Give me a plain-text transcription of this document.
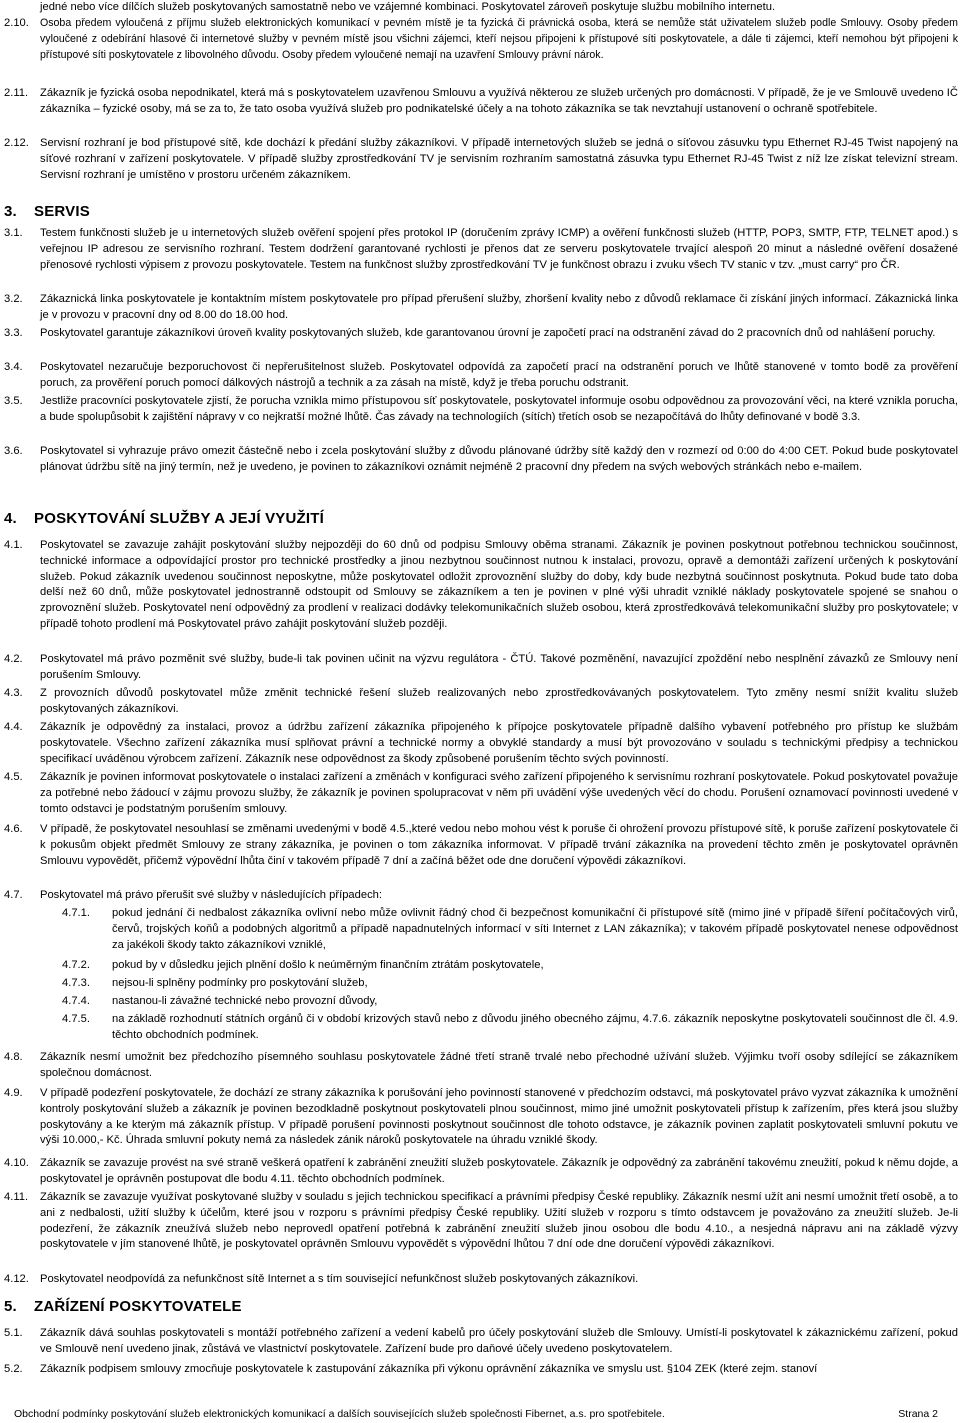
jedné nebo více dílčích služeb poskytovaných samostatně nebo ve vzájemné kombinaci. Poskytovatel zároveň poskytuje službu mobilního internetu.
2.10. Osoba předem vyloučená z příjmu služeb elektronických komunikací v pevném místě je ta fyzická či právnická osoba, která se nemůže stát uživatelem služeb podle Smlouvy. Osoby předem vyloučené z odebírání hlasové či internetové služby v pevném místě jsou všichni zájemci, kteří nejsou připojeni k přístupové síti poskytovatele, a dále ti zájemci, kteří nemohou být připojeni k přístupové síti poskytovatele z libovolného důvodu. Osoby předem vyloučené nemají na uzavření Smlouvy právní nárok.
2.11. Zákazník je fyzická osoba nepodnikatel, která má s poskytovatelem uzavřenou Smlouvu a využívá některou ze služeb určených pro domácnosti. V případě, že je ve Smlouvě uvedeno IČ zákazníka – fyzické osoby, má se za to, že tato osoba využívá služeb pro podnikatelské účely a na tohoto zákazníka se tak nevztahují ustanovení o ochraně spotřebitele.
2.12. Servisní rozhraní je bod přístupové sítě, kde dochází k předání služby zákazníkovi. V případě internetových služeb se jedná o síťovou zásuvku typu Ethernet RJ-45 Twist napojený na síťové rozhraní v zařízení poskytovatele. V případě služby zprostředkování TV je servisním rozhraním samostatná zásuvka typu Ethernet RJ-45 Twist z níž lze získat televizní stream. Servisní rozhraní je umístěno v prostoru určeném zákazníkem.
3. SERVIS
3.1. Testem funkčnosti služeb je u internetových služeb ověření spojení přes protokol IP (doručením zprávy ICMP) a ověření funkčnosti služeb (HTTP, POP3, SMTP, FTP, TELNET apod.) s veřejnou IP adresou ze servisního rozhraní. Testem dodržení garantované rychlosti je přenos dat ze serveru poskytovatele trvající alespoň 20 minut a následné ověření dosažené přenosové rychlosti výpisem z provozu poskytovatele. Testem na funkčnost služby zprostředkování TV je funkčnost obrazu i zvuku všech TV stanic v tzv. „must carry“ pro ČR.
3.2. Zákaznická linka poskytovatele je kontaktním místem poskytovatele pro případ přerušení služby, zhoršení kvality nebo z důvodů reklamace či získání jiných informací. Zákaznická linka je v provozu v pracovní dny od 8.00 do 18.00 hod.
3.3. Poskytovatel garantuje zákazníkovi úroveň kvality poskytovaných služeb, kde garantovanou úrovní je započetí prací na odstranění závad do 2 pracovních dnů od nahlášení poruchy.
3.4. Poskytovatel nezaručuje bezporuchovost či nepřerušitelnost služeb. Poskytovatel odpovídá za započetí prací na odstranění poruch ve lhůtě stanovené v tomto bodě za prověření poruch, za prověření poruch pomocí dálkových nástrojů a technik a za zásah na místě, když je třeba poruchu odstranit.
3.5. Jestliže pracovníci poskytovatele zjistí, že porucha vznikla mimo přístupovou síť poskytovatele, poskytovatel informuje osobu odpovědnou za provozování věci, na které vznikla porucha, a bude spolupůsobit k zajištění nápravy v co nejkratší možné lhůtě. Čas závady na technologiích (sítích) třetích osob se nezapočítává do lhůty definované v bodě 3.3.
3.6. Poskytovatel si vyhrazuje právo omezit částečně nebo i zcela poskytování služby z důvodu plánované údržby sítě každý den v rozmezí od 0:00 do 4:00 CET. Pokud bude poskytovatel plánovat údržbu sítě na jiný termín, než je uvedeno, je povinen to zákazníkovi oznámit nejméně 2 pracovní dny předem na svých webových stránkách nebo e-mailem.
4. POSKYTOVÁNÍ SLUŽBY A JEJÍ VYUŽITÍ
4.1. Poskytovatel se zavazuje zahájit poskytování služby nejpozději do 60 dnů od podpisu Smlouvy oběma stranami. Zákazník je povinen poskytnout potřebnou technickou součinnost, technické informace a odpovídající prostor pro technické prostředky a jinou nezbytnou součinnost nutnou k instalaci, provozu, opravě a demontáži zařízení určených k poskytování služeb. Pokud zákazník uvedenou součinnost neposkytne, může poskytovatel odložit zprovoznění služby do doby, kdy bude nezbytná součinnost poskytnuta. Pokud bude tato doba delší než 60 dnů, může poskytovatel jednostranně odstoupit od Smlouvy se zákazníkem a ten je povinen v plné výši uhradit vzniklé náklady poskytovatele spojené se snahou o zprovoznění služeb. Poskytovatel není odpovědný za prodlení v realizaci dodávky telekomunikačních služeb osobou, která zprostředkovává telekomunikační služby pro poskytovatele; v případě tohoto prodlení má Poskytovatel právo zahájit poskytování služeb později.
4.2. Poskytovatel má právo pozměnit své služby, bude-li tak povinen učinit na výzvu regulátora - ČTÚ. Takové pozměnění, navazující zpoždění nebo nesplnění závazků ze Smlouvy není porušením Smlouvy.
4.3. Z provozních důvodů poskytovatel může změnit technické řešení služeb realizovaných nebo zprostředkovávaných poskytovatelem. Tyto změny nesmí snížit kvalitu služeb poskytovaných zákazníkovi.
4.4. Zákazník je odpovědný za instalaci, provoz a údržbu zařízení zákazníka připojeného k přípojce poskytovatele případně dalšího vybavení potřebného pro přístup ke službám poskytovatele. Všechno zařízení zákazníka musí splňovat právní a technické normy a obvyklé standardy a musí být provozováno v souladu s technickými předpisy a technickou specifikací uváděnou výrobcem zařízení. Zákazník nese odpovědnost za škody způsobené porušením těchto svých povinností.
4.5. Zákazník je povinen informovat poskytovatele o instalaci zařízení a změnách v konfiguraci svého zařízení připojeného k servisnímu rozhraní poskytovatele. Pokud poskytovatel považuje za potřebné nebo žádoucí v zájmu provozu služby, že zákazník je povinen spolupracovat v něm při uvádění výše uvedených věcí do chodu. Porušení oznamovací povinnosti uvedené v tomto odstavci je podstatným porušením smlouvy.
4.6. V případě, že poskytovatel nesouhlasí se změnami uvedenými v bodě 4.5.,které vedou nebo mohou vést k poruše či ohrožení provozu přístupové sítě, k poruše zařízení poskytovatele či k pokusům objekt předmět Smlouvy ze strany zákazníka, je povinen o tom zákazníka informovat. V případě trvání zákazníka na provedení těchto změn je poskytovatel oprávněn Smlouvu vypovědět, přičemž výpovědní lhůta činí v takovém případě 7 dní a začíná běžet ode dne doručení výpovědi zákazníkovi.
4.7. Poskytovatel má právo přerušit své služby v následujících případech:
4.7.1. pokud jednání či nedbalost zákazníka ovlivní nebo může ovlivnit řádný chod či bezpečnost komunikační či přístupové sítě (mimo jiné v případě šíření počítačových virů, červů, trojských koňů a podobných algoritmů a případě napadnutelných informací v síti Internet z LAN zákazníka); v takovém případě poskytovatel nenese odpovědnost za jakékoli škody takto zákazníkovi vzniklé,
4.7.2. pokud by v důsledku jejich plnění došlo k neúměrným finančním ztrátám poskytovatele,
4.7.3. nejsou-li splněny podmínky pro poskytování služeb,
4.7.4. nastanou-li závažné technické nebo provozní důvody,
4.7.5. na základě rozhodnutí státních orgánů či v období krizových stavů nebo z důvodu jiného obecného zájmu, 4.7.6. zákazník neposkytne poskytovateli součinnost dle čl. 4.9. těchto obchodních podmínek.
4.8. Zákazník nesmí umožnit bez předchozího písemného souhlasu poskytovatele žádné třetí straně trvalé nebo přechodné užívání služeb. Výjimku tvoří osoby sdílející se zákazníkem společnou domácnost.
4.9. V případě podezření poskytovatele, že dochází ze strany zákazníka k porušování jeho povinností stanovené v předchozím odstavci, má poskytovatel právo vyzvat zákazníka k umožnění kontroly poskytování služeb a zákazník je povinen bezodkladně poskytnout poskytovateli plnou součinnost, mimo jiné umožnit poskytovateli přístup k zařízením, přes která jsou služby poskytovány a ke kterým má zákazník přístup. V případě porušení povinnosti poskytnout součinnost dle tohoto odstavce, je zákazník povinen zaplatit poskytovateli smluvní pokutu ve výši 10.000,- Kč. Úhrada smluvní pokuty nemá za následek zánik nároků poskytovatele na úhradu vzniklé škody.
4.10. Zákazník se zavazuje provést na své straně veškerá opatření k zabránění zneužití služeb poskytovatele. Zákazník je odpovědný za zabránění takovému zneužití, pokud k němu dojde, a poskytovatel je oprávněn postupovat dle bodu 4.11. těchto obchodních podmínek.
4.11. Zákazník se zavazuje využívat poskytované služby v souladu s jejich technickou specifikací a právními předpisy České republiky. Zákazník nesmí užít ani nesmí umožnit třetí osobě, a to ani z nedbalosti, užití služby k účelům, které jsou v rozporu s právními předpisy České republiky. Užití služeb v rozporu s tímto odstavcem je považováno za zneužití služeb. Je-li podezření, že zákazník zneužívá služeb nebo neprovedl opatření potřebná k zabránění zneužití služeb jinou osobou dle bodu 4.10., a nesjedná nápravu ani na základě výzvy poskytovatele v jím stanovené lhůtě, je poskytovatel oprávněn Smlouvu vypovědět s výpovědní lhůtou 7 dní ode dne doručení výpovědi zákazníkovi.
4.12. Poskytovatel neodpovídá za nefunkčnost sítě Internet a s tím související nefunkčnost služeb poskytovaných zákazníkovi.
5. ZAŘÍZENÍ POSKYTOVATELE
5.1. Zákazník dává souhlas poskytovateli s montáží potřebného zařízení a vedení kabelů pro účely poskytování služeb dle Smlouvy. Umístí-li poskytovatel k zákaznickému zařízení, pokud ve Smlouvě není uvedeno jinak, zůstává ve vlastnictví poskytovatele. Zařízení bude pro daňové účely uvedeno poskytovatelem.
5.2. Zákazník podpisem smlouvy zmocňuje poskytovatele k zastupování zákazníka při výkonu oprávnění zákazníka ve smyslu ust. §104 ZEK (které zejm. stanoví
Obchodní podmínky poskytování služeb elektronických komunikací a dalších souvisejících služeb společnosti Fibernet, a.s. pro spotřebitele.	Strana 2
